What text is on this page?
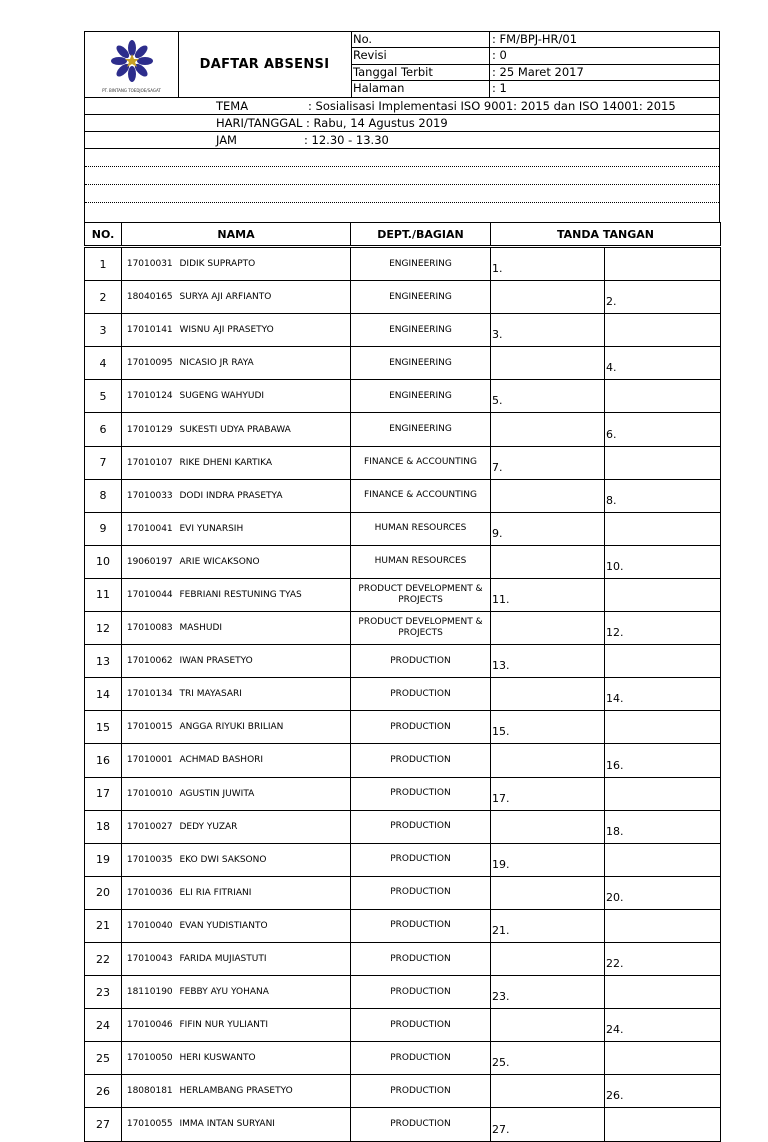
PT. BINTANG TOEDJOE/SAGAT
DAFTAR ABSENSI
No.	: FM/BPJ-HR/01
Revisi	: 0
Tanggal Terbit	: 25 Maret 2017
Halaman	: 1
TEMA	: Sosialisasi Implementasi ISO 9001: 2015 dan ISO 14001: 2015
HARI/TANGGAL : Rabu, 14 Agustus 2019
JAM	: 12.30 - 13.30
NO.	NAMA		DEPT./BAGIAN	TANDA TANGAN	
1	17010031	DIDIK SUPRAPTO	ENGINEERING	1.	
2	18040165	SURYA AJI ARFIANTO	ENGINEERING		2.
3	17010141	WISNU AJI PRASETYO	ENGINEERING	3.	
4	17010095	NICASIO JR RAYA	ENGINEERING		4.
5	17010124	SUGENG WAHYUDI	ENGINEERING	5.	
6	17010129	SUKESTI UDYA PRABAWA	ENGINEERING		6.
7	17010107	RIKE DHENI KARTIKA	FINANCE & ACCOUNTING	7.	
8	17010033	DODI INDRA PRASETYA	FINANCE & ACCOUNTING		8.
9	17010041	EVI YUNARSIH	HUMAN RESOURCES	9.	
10	19060197	ARIE WICAKSONO	HUMAN RESOURCES		10.
11	17010044	FEBRIANI RESTUNING TYAS	PRODUCT DEVELOPMENT & PROJECTS	11.	
12	17010083	MASHUDI	PRODUCT DEVELOPMENT & PROJECTS		12.
13	17010062	IWAN PRASETYO	PRODUCTION	13.	
14	17010134	TRI MAYASARI	PRODUCTION		14.
15	17010015	ANGGA RIYUKI BRILIAN	PRODUCTION	15.	
16	17010001	ACHMAD BASHORI	PRODUCTION		16.
17	17010010	AGUSTIN JUWITA	PRODUCTION	17.	
18	17010027	DEDY YUZAR	PRODUCTION		18.
19	17010035	EKO DWI SAKSONO	PRODUCTION	19.	
20	17010036	ELI RIA FITRIANI	PRODUCTION		20.
21	17010040	EVAN YUDISTIANTO	PRODUCTION	21.	
22	17010043	FARIDA MUJIASTUTI	PRODUCTION		22.
23	18110190	FEBBY AYU YOHANA	PRODUCTION	23.	
24	17010046	FIFIN NUR YULIANTI	PRODUCTION		24.
25	17010050	HERI KUSWANTO	PRODUCTION	25.	
26	18080181	HERLAMBANG PRASETYO	PRODUCTION		26.
27	17010055	IMMA INTAN SURYANI	PRODUCTION	27.	
